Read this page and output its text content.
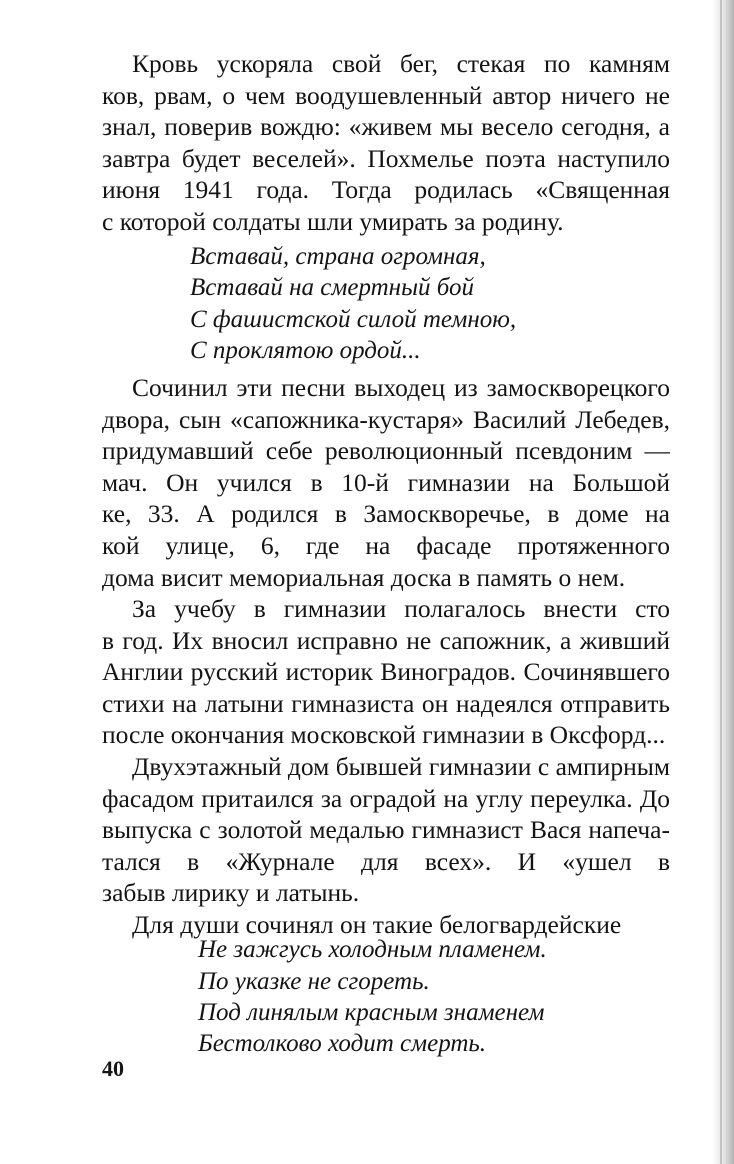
Кровь ускоряла свой бег, стекая по камням
ков, рвам, о чем воодушевленный автор ничего не
знал, поверив вождю: «живем мы весело сегодня, а
завтра будет веселей». Похмелье поэта наступило
июня 1941 года. Тогда родилась «Священная
с которой солдаты шли умирать за родину.
Вставай, страна огромная,
Вставай на смертный бой
С фашистской силой темною,
С проклятою ордой...
Сочинил эти песни выходец из замоскворецкого
двора, сын «сапожника-кустаря» Василий Лебедев,
придумавший себе революционный псевдоним —
мач. Он учился в 10-й гимназии на Большой
ке, 33. А родился в Замоскворечье, в доме на
кой улице, 6, где на фасаде протяженного
дома висит мемориальная доска в память о нем.
За учебу в гимназии полагалось внести сто
в год. Их вносил исправно не сапожник, а живший
Англии русский историк Виноградов. Сочинявшего
стихи на латыни гимназиста он надеялся отправить
после окончания московской гимназии в Оксфорд...
Двухэтажный дом бывшей гимназии с ампирным
фасадом притаился за оградой на углу переулка. До
выпуска с золотой медалью гимназист Вася напеча-
тался в «Журнале для всех». И «ушел в
забыв лирику и латынь.
Для души сочинял он такие белогвардейские
Не зажгусь холодным пламенем.
По указке не сгореть.
Под линялым красным знаменем
Бестолково ходит смерть.
40
